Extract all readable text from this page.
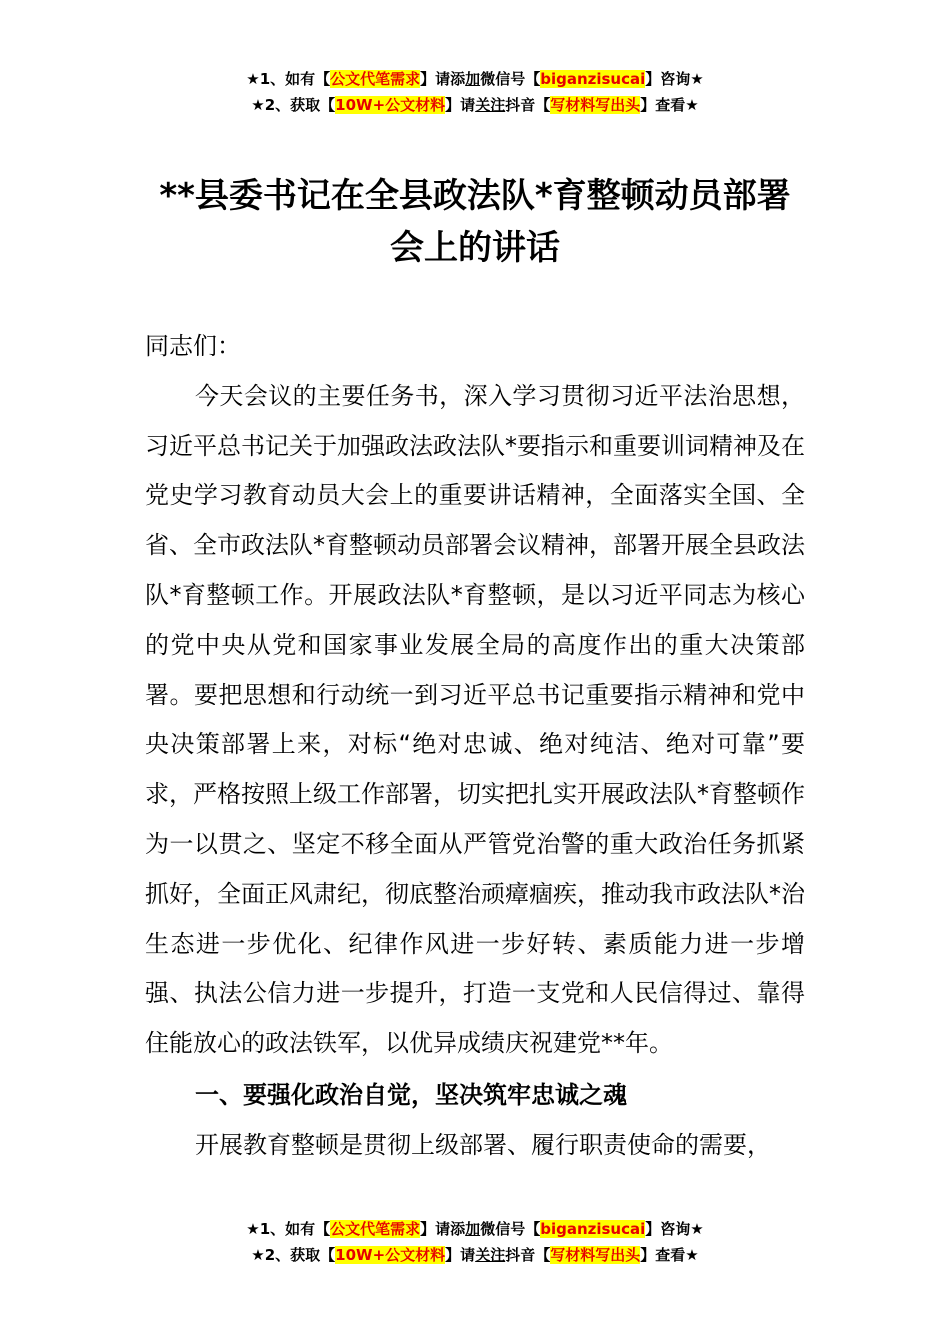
★1、如有【公文代笔需求】请添加微信号【biganzisucai】咨询★
★2、获取【10W+公文材料】请关注抖音【写材料写出头】查看★
**县委书记在全县政法队*育整顿动员部署
会上的讲话

同志们：

今天会议的主要任务书，深入学习贯彻习近平法治思想，习近平总书记关于加强政法政法队*要指示和重要训词精神及在党史学习教育动员大会上的重要讲话精神，全面落实全国、全省、全市政法队*育整顿动员部署会议精神，部署开展全县政法队*育整顿工作。开展政法队*育整顿，是以习近平同志为核心的党中央从党和国家事业发展全局的高度作出的重大决策部署。要把思想和行动统一到习近平总书记重要指示精神和党中央决策部署上来，对标“绝对忠诚、绝对纯洁、绝对可靠”要求，严格按照上级工作部署，切实把扎实开展政法队*育整顿作为一以贯之、坚定不移全面从严管党治警的重大政治任务抓紧抓好，全面正风肃纪，彻底整治顽瘴痼疾，推动我市政法队*治生态进一步优化、纪律作风进一步好转、素质能力进一步增强、执法公信力进一步提升，打造一支党和人民信得过、靠得住能放心的政法铁军，以优异成绩庆祝建党**年。

一、要强化政治自觉，坚决筑牢忠诚之魂

开展教育整顿是贯彻上级部署、履行职责使命的需要，

★1、如有【公文代笔需求】请添加微信号【biganzisucai】咨询★
★2、获取【10W+公文材料】请关注抖音【写材料写出头】查看★
